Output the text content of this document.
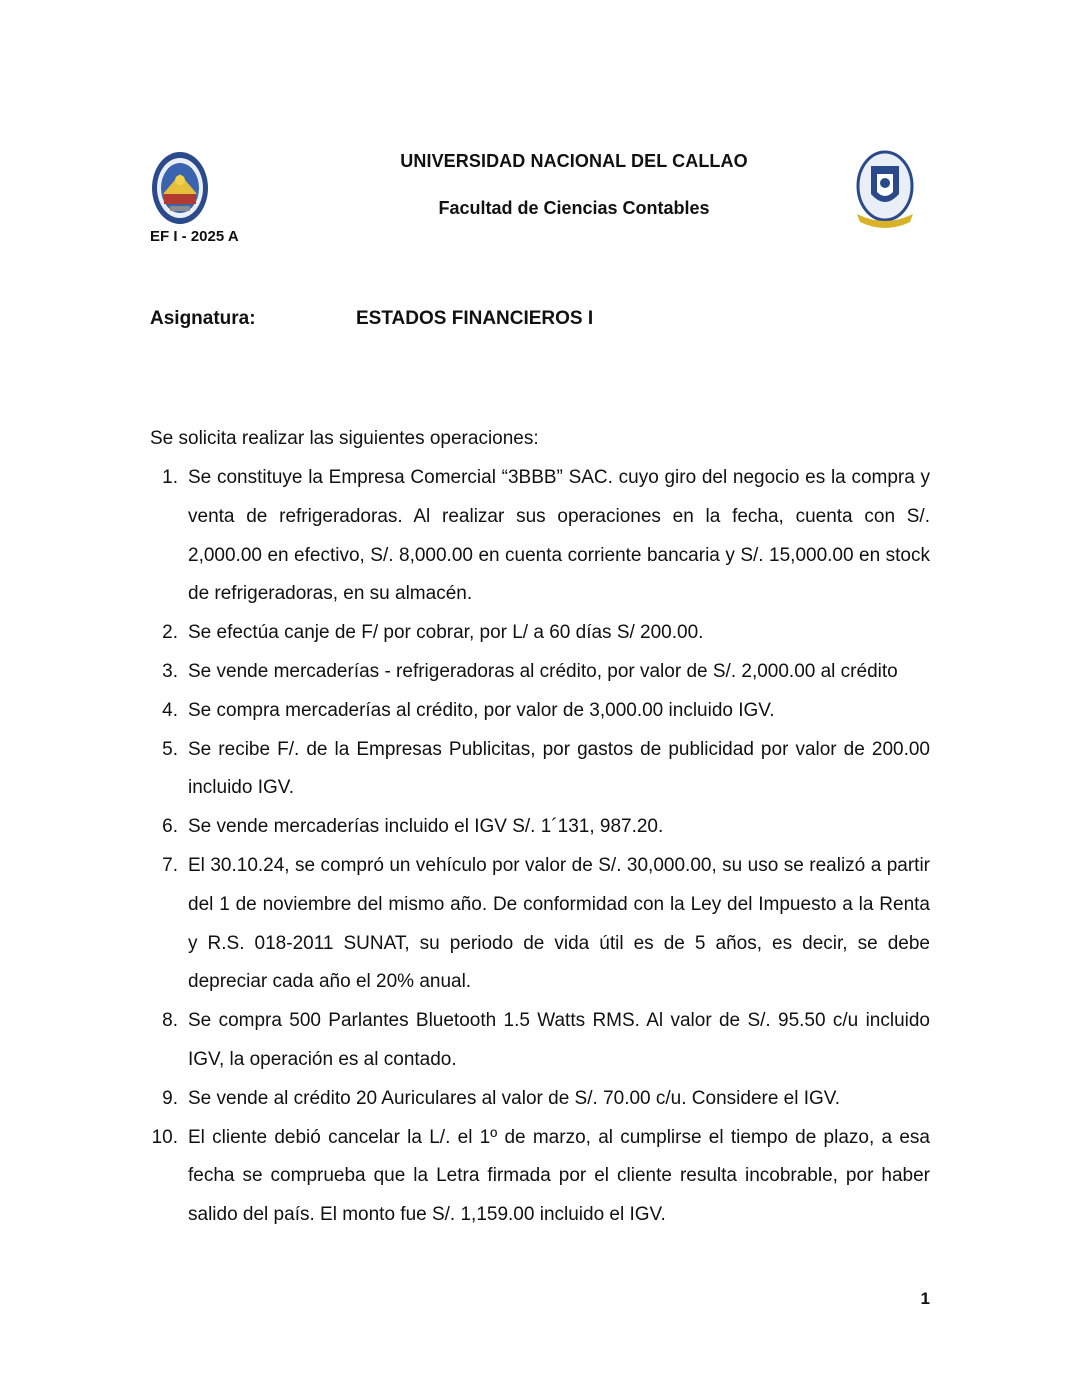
UNIVERSIDAD NACIONAL DEL CALLAO
Facultad de Ciencias Contables
EF I - 2025 A
Asignatura:	ESTADOS FINANCIEROS I
Se solicita realizar las siguientes operaciones:
1. Se constituye la Empresa Comercial “3BBB” SAC. cuyo giro del negocio es la compra y venta de refrigeradoras. Al realizar sus operaciones en la fecha, cuenta con S/. 2,000.00 en efectivo, S/. 8,000.00 en cuenta corriente bancaria y S/. 15,000.00 en stock de refrigeradoras, en su almacén.
2. Se efectúa canje de F/ por cobrar, por L/ a 60 días S/ 200.00.
3. Se vende mercaderías - refrigeradoras al crédito, por valor de S/. 2,000.00 al crédito
4. Se compra mercaderías al crédito, por valor de 3,000.00 incluido IGV.
5. Se recibe F/. de la Empresas Publicitas, por gastos de publicidad por valor de 200.00 incluido IGV.
6. Se vende mercaderías incluido el IGV S/. 1´131, 987.20.
7. El 30.10.24, se compró un vehículo por valor de S/. 30,000.00, su uso se realizó a partir del 1 de noviembre del mismo año. De conformidad con la Ley del Impuesto a la Renta y R.S. 018-2011 SUNAT, su periodo de vida útil es de 5 años, es decir, se debe depreciar cada año el 20% anual.
8. Se compra 500 Parlantes Bluetooth 1.5 Watts RMS. Al valor de S/. 95.50 c/u incluido IGV, la operación es al contado.
9. Se vende al crédito 20 Auriculares al valor de S/. 70.00 c/u. Considere el IGV.
10. El cliente debió cancelar la L/. el 1º de marzo, al cumplirse el tiempo de plazo, a esa fecha se comprueba que la Letra firmada por el cliente resulta incobrable, por haber salido del país. El monto fue S/. 1,159.00 incluido el IGV.
1
